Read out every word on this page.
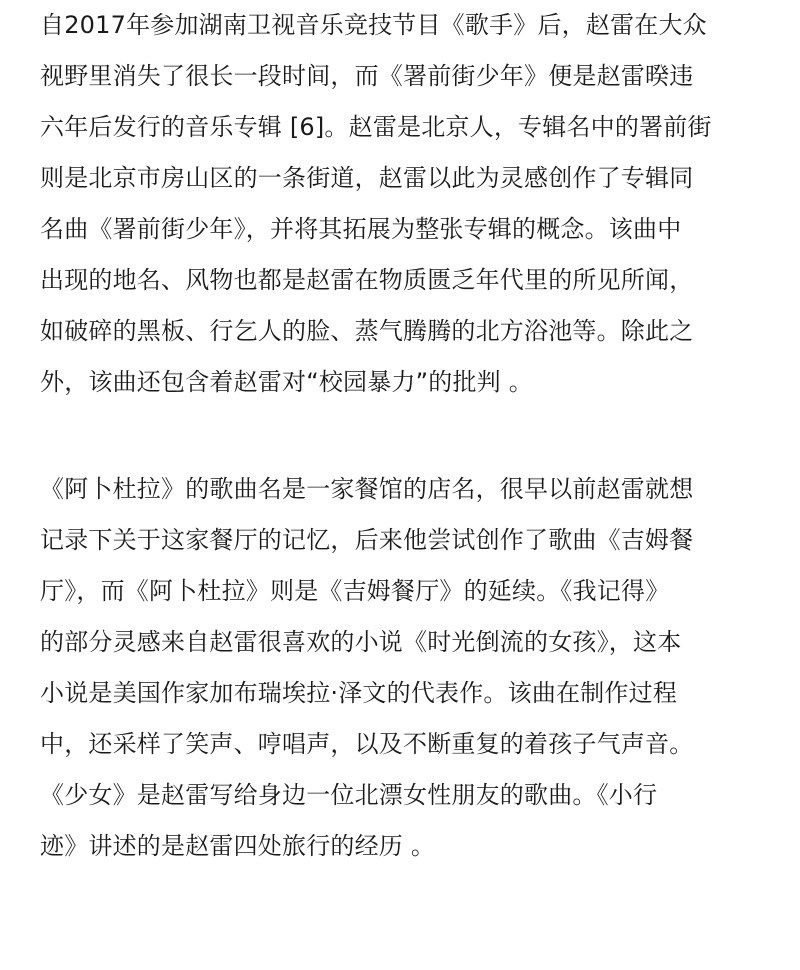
自2017年参加湖南卫视音乐竞技节目《歌手》后，赵雷在大众
视野里消失了很长一段时间，而《署前街少年》便是赵雷暌违
六年后发行的音乐专辑 [6]。赵雷是北京人，专辑名中的署前街
则是北京市房山区的一条街道，赵雷以此为灵感创作了专辑同
名曲《署前街少年》，并将其拓展为整张专辑的概念。该曲中
出现的地名、风物也都是赵雷在物质匮乏年代里的所见所闻，
如破碎的黑板、行乞人的脸、蒸气腾腾的北方浴池等。除此之
外，该曲还包含着赵雷对“校园暴力”的批判 。

《阿卜杜拉》的歌曲名是一家餐馆的店名，很早以前赵雷就想
记录下关于这家餐厅的记忆，后来他尝试创作了歌曲《吉姆餐
厅》，而《阿卜杜拉》则是《吉姆餐厅》的延续。《我记得》
的部分灵感来自赵雷很喜欢的小说《时光倒流的女孩》，这本
小说是美国作家加布瑞埃拉·泽文的代表作。该曲在制作过程
中，还采样了笑声、哼唱声，以及不断重复的着孩子气声音。
《少女》是赵雷写给身边一位北漂女性朋友的歌曲。《小行
迹》讲述的是赵雷四处旅行的经历 。
